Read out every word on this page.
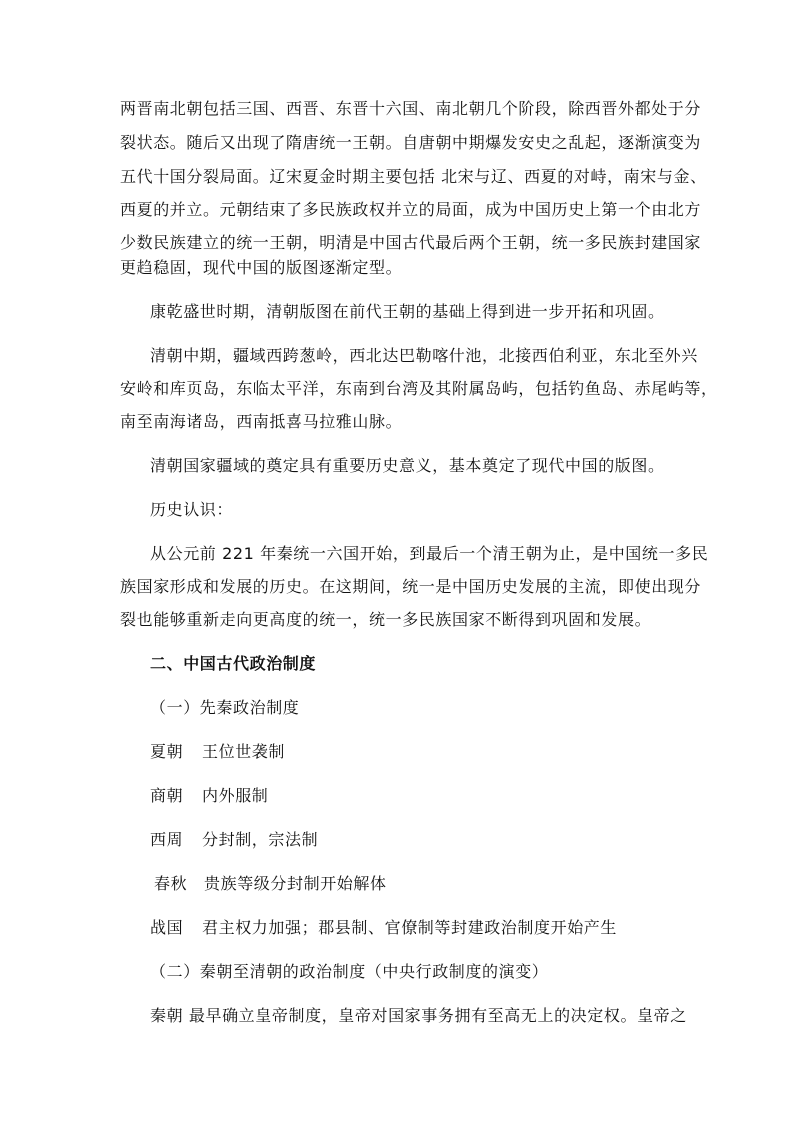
两晋南北朝包括三国、西晋、东晋十六国、南北朝几个阶段，除西晋外都处于分
裂状态。随后又出现了隋唐统一王朝。自唐朝中期爆发安史之乱起，逐渐演变为
五代十国分裂局面。辽宋夏金时期主要包括 北宋与辽、西夏的对峙，南宋与金、
西夏的并立。元朝结束了多民族政权并立的局面，成为中国历史上第一个由北方
少数民族建立的统一王朝，明清是中国古代最后两个王朝，统一多民族封建国家
更趋稳固，现代中国的版图逐渐定型。
康乾盛世时期，清朝版图在前代王朝的基础上得到进一步开拓和巩固。
清朝中期，疆域西跨葱岭，西北达巴勒喀什池，北接西伯利亚，东北至外兴
安岭和库页岛，东临太平洋，东南到台湾及其附属岛屿，包括钓鱼岛、赤尾屿等，
南至南海诸岛，西南抵喜马拉雅山脉。
清朝国家疆域的奠定具有重要历史意义，基本奠定了现代中国的版图。
历史认识：
从公元前 221 年秦统一六国开始，到最后一个清王朝为止，是中国统一多民
族国家形成和发展的历史。在这期间，统一是中国历史发展的主流，即使出现分
裂也能够重新走向更高度的统一，统一多民族国家不断得到巩固和发展。
二、中国古代政治制度
（一）先秦政治制度
夏朝 王位世袭制
商朝 内外服制
西周 分封制，宗法制
春秋 贵族等级分封制开始解体
战国 君主权力加强；郡县制、官僚制等封建政治制度开始产生
（二）秦朝至清朝的政治制度（中央行政制度的演变）
秦朝 最早确立皇帝制度，皇帝对国家事务拥有至高无上的决定权。皇帝之
